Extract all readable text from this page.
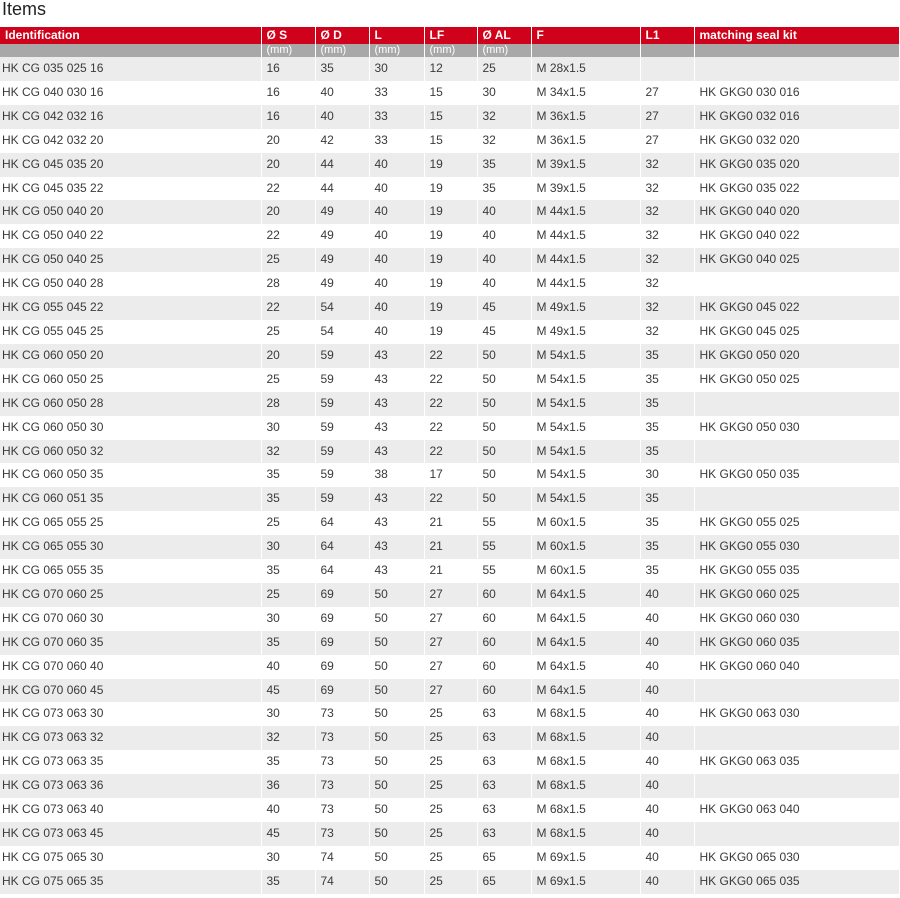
Items
Identification	Ø S	Ø D	L	LF	Ø AL	F	L1	matching seal kit
	(mm)	(mm)	(mm)	(mm)	(mm)			
HK CG 035 025 16	16	35	30	12	25	M 28x1.5		
HK CG 040 030 16	16	40	33	15	30	M 34x1.5	27	HK GKG0 030 016
HK CG 042 032 16	16	40	33	15	32	M 36x1.5	27	HK GKG0 032 016
HK CG 042 032 20	20	42	33	15	32	M 36x1.5	27	HK GKG0 032 020
HK CG 045 035 20	20	44	40	19	35	M 39x1.5	32	HK GKG0 035 020
HK CG 045 035 22	22	44	40	19	35	M 39x1.5	32	HK GKG0 035 022
HK CG 050 040 20	20	49	40	19	40	M 44x1.5	32	HK GKG0 040 020
HK CG 050 040 22	22	49	40	19	40	M 44x1.5	32	HK GKG0 040 022
HK CG 050 040 25	25	49	40	19	40	M 44x1.5	32	HK GKG0 040 025
HK CG 050 040 28	28	49	40	19	40	M 44x1.5	32	
HK CG 055 045 22	22	54	40	19	45	M 49x1.5	32	HK GKG0 045 022
HK CG 055 045 25	25	54	40	19	45	M 49x1.5	32	HK GKG0 045 025
HK CG 060 050 20	20	59	43	22	50	M 54x1.5	35	HK GKG0 050 020
HK CG 060 050 25	25	59	43	22	50	M 54x1.5	35	HK GKG0 050 025
HK CG 060 050 28	28	59	43	22	50	M 54x1.5	35	
HK CG 060 050 30	30	59	43	22	50	M 54x1.5	35	HK GKG0 050 030
HK CG 060 050 32	32	59	43	22	50	M 54x1.5	35	
HK CG 060 050 35	35	59	38	17	50	M 54x1.5	30	HK GKG0 050 035
HK CG 060 051 35	35	59	43	22	50	M 54x1.5	35	
HK CG 065 055 25	25	64	43	21	55	M 60x1.5	35	HK GKG0 055 025
HK CG 065 055 30	30	64	43	21	55	M 60x1.5	35	HK GKG0 055 030
HK CG 065 055 35	35	64	43	21	55	M 60x1.5	35	HK GKG0 055 035
HK CG 070 060 25	25	69	50	27	60	M 64x1.5	40	HK GKG0 060 025
HK CG 070 060 30	30	69	50	27	60	M 64x1.5	40	HK GKG0 060 030
HK CG 070 060 35	35	69	50	27	60	M 64x1.5	40	HK GKG0 060 035
HK CG 070 060 40	40	69	50	27	60	M 64x1.5	40	HK GKG0 060 040
HK CG 070 060 45	45	69	50	27	60	M 64x1.5	40	
HK CG 073 063 30	30	73	50	25	63	M 68x1.5	40	HK GKG0 063 030
HK CG 073 063 32	32	73	50	25	63	M 68x1.5	40	
HK CG 073 063 35	35	73	50	25	63	M 68x1.5	40	HK GKG0 063 035
HK CG 073 063 36	36	73	50	25	63	M 68x1.5	40	
HK CG 073 063 40	40	73	50	25	63	M 68x1.5	40	HK GKG0 063 040
HK CG 073 063 45	45	73	50	25	63	M 68x1.5	40	
HK CG 075 065 30	30	74	50	25	65	M 69x1.5	40	HK GKG0 065 030
HK CG 075 065 35	35	74	50	25	65	M 69x1.5	40	HK GKG0 065 035
